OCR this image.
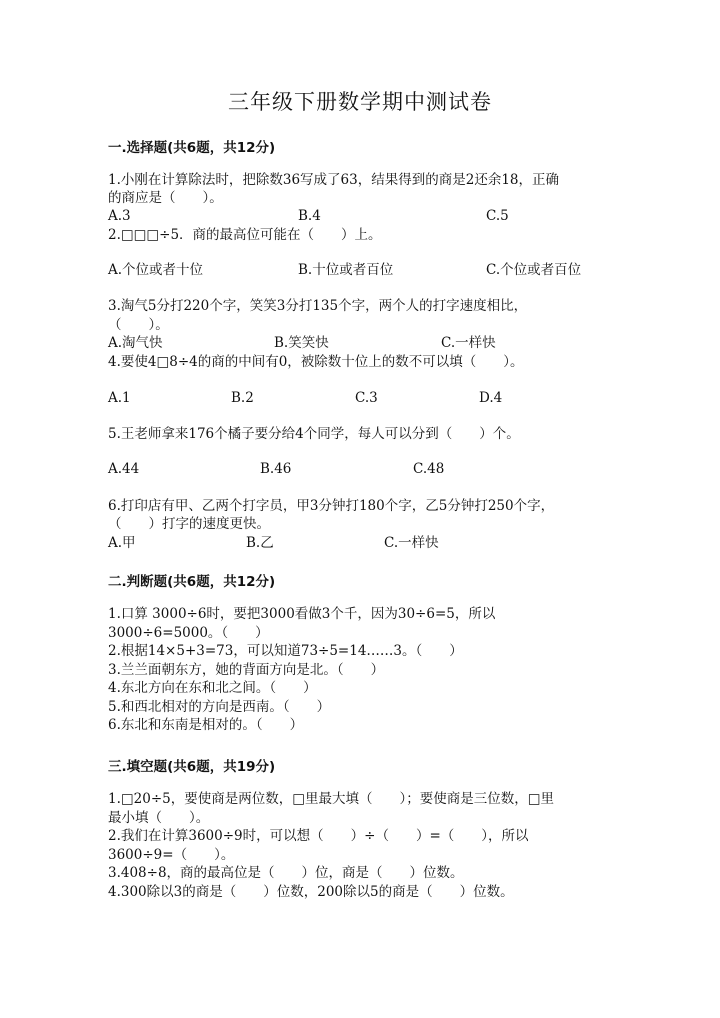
三年级下册数学期中测试卷
一.选择题(共6题，共12分)
1.小刚在计算除法时，把除数36写成了63，结果得到的商是2还余18，正确
的商应是（　　）。
A.3	B.4	C.5
2.□□□÷5．商的最高位可能在（　　）上。
A.个位或者十位	B.十位或者百位	C.个位或者百位
3.淘气5分打220个字，笑笑3分打135个字，两个人的打字速度相比，
（　　）。
A.淘气快	B.笑笑快	C.一样快
4.要使4□8÷4的商的中间有0，被除数十位上的数不可以填（　　）。
A.1	B.2	C.3	D.4
5.王老师拿来176个橘子要分给4个同学，每人可以分到（　　）个。
A.44	B.46	C.48
6.打印店有甲、乙两个打字员，甲3分钟打180个字，乙5分钟打250个字，
（　　）打字的速度更快。
A.甲	B.乙	C.一样快
二.判断题(共6题，共12分)
1.口算 3000÷6时，要把3000看做3个千，因为30÷6=5，所以
3000÷6=5000。（　　）
2.根据14×5+3=73，可以知道73÷5=14……3。（　　）
3.兰兰面朝东方，她的背面方向是北。（　　）
4.东北方向在东和北之间。（　　）
5.和西北相对的方向是西南。（　　）
6.东北和东南是相对的。（　　）
三.填空题(共6题，共19分)
1.□20÷5，要使商是两位数，□里最大填（　　）；要使商是三位数，□里
最小填（　　）。
2.我们在计算3600÷9时，可以想（　　）÷（　　）=（　　），所以
3600÷9=（　　）。
3.408÷8，商的最高位是（　　）位，商是（　　）位数。
4.300除以3的商是（　　）位数，200除以5的商是（　　）位数。
